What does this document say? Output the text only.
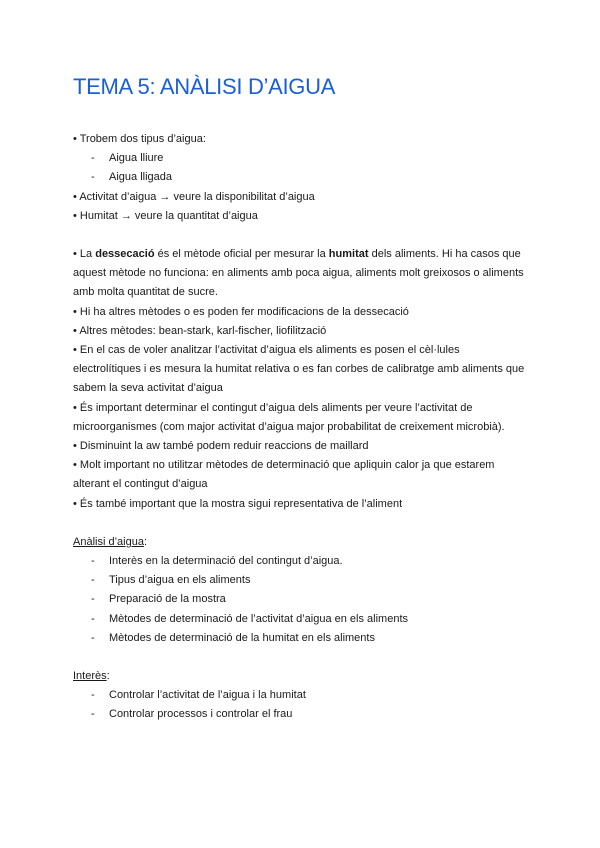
TEMA 5: ANÀLISI D’AIGUA
• Trobem dos tipus d’aigua:
- Aigua lliure
- Aigua lligada
• Activitat d’aigua → veure la disponibilitat d’aigua
• Humitat → veure la quantitat d’aigua
• La dessecació és el mètode oficial per mesurar la humitat dels aliments. Hi ha casos que
aquest mètode no funciona: en aliments amb poca aigua, aliments molt greixosos o aliments
amb molta quantitat de sucre.
• Hi ha altres mètodes o es poden fer modificacions de la dessecació
• Altres mètodes: bean-stark, karl-fischer, liofilització
• En el cas de voler analitzar l’activitat d’aigua els aliments es posen el cèl·lules
electrolítiques i es mesura la humitat relativa o es fan corbes de calibratge amb aliments que
sabem la seva activitat d’aigua
• És important determinar el contingut d’aigua dels aliments per veure l’activitat de
microorganismes (com major activitat d’aigua major probabilitat de creixement microbià).
• Disminuint la aw també podem reduir reaccions de maillard
• Molt important no utilitzar mètodes de determinació que apliquin calor ja que estarem
alterant el contingut d’aigua
• És també important que la mostra sigui representativa de l’aliment
Anàlisi d’aigua:
- Interès en la determinació del contingut d’aigua.
- Tipus d’aigua en els aliments
- Preparació de la mostra
- Mètodes de determinació de l’activitat d’aigua en els aliments
- Mètodes de determinació de la humitat en els aliments
Interès:
- Controlar l’activitat de l’aigua i la humitat
- Controlar processos i controlar el frau
